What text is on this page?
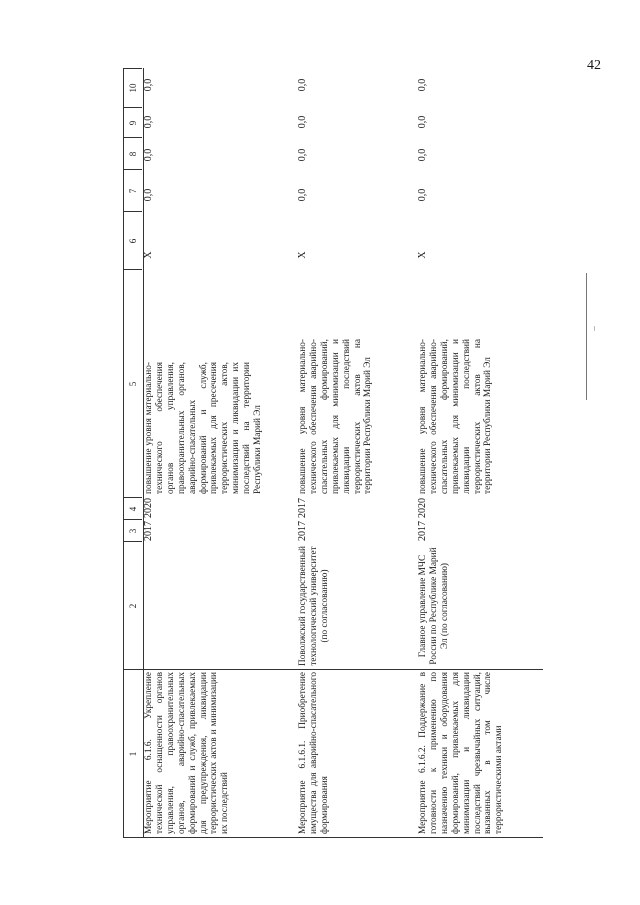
42
1
2
3
4
5
6
7
8
9
10
Мероприятие 6.1.6. Укрепление технической оснащенности органов управления, правоохранительных органов, аварийно-спасательных формирований и служб, привлекаемых для предупреждения, ликвидации террористических актов и минимизации их последствий
2017
2020
повышение уровня материально-технического обеспечения органов управления, правоохранительных органов, аварийно-спасательных формирований и служб, привлекаемых для пресечения террористических актов, минимизации и ликвидации их последствий на территории Республики Марий Эл
X
0,0
0,0
0,0
0,0
Мероприятие 6.1.6.1. Приобретение имущества для аварийно-спасательного формирования
Поволжский государственный технологический университет (по согласованию)
2017
2017
повышение уровня материально-технического обеспечения аварийно-спасательных формирований, привлекаемых для минимизации и ликвидации последствий террористических актов на территории Республики Марий Эл
X
0,0
0,0
0,0
0,0
Мероприятие 6.1.6.2. Поддержание в готовности к применению по назначению техники и оборудования формирований, привлекаемых для минимизации и ликвидации последствий чрезвычайных ситуаций, вызванных в том числе террористическими актами
Главное управление МЧС России по Республике Марий Эл (по согласованию)
2017
2020
повышение уровня материально-технического обеспечения аварийно-спасательных формирований, привлекаемых для минимизации и ликвидации последствий террористических актов на территории Республики Марий Эл
X
0,0
0,0
0,0
0,0
